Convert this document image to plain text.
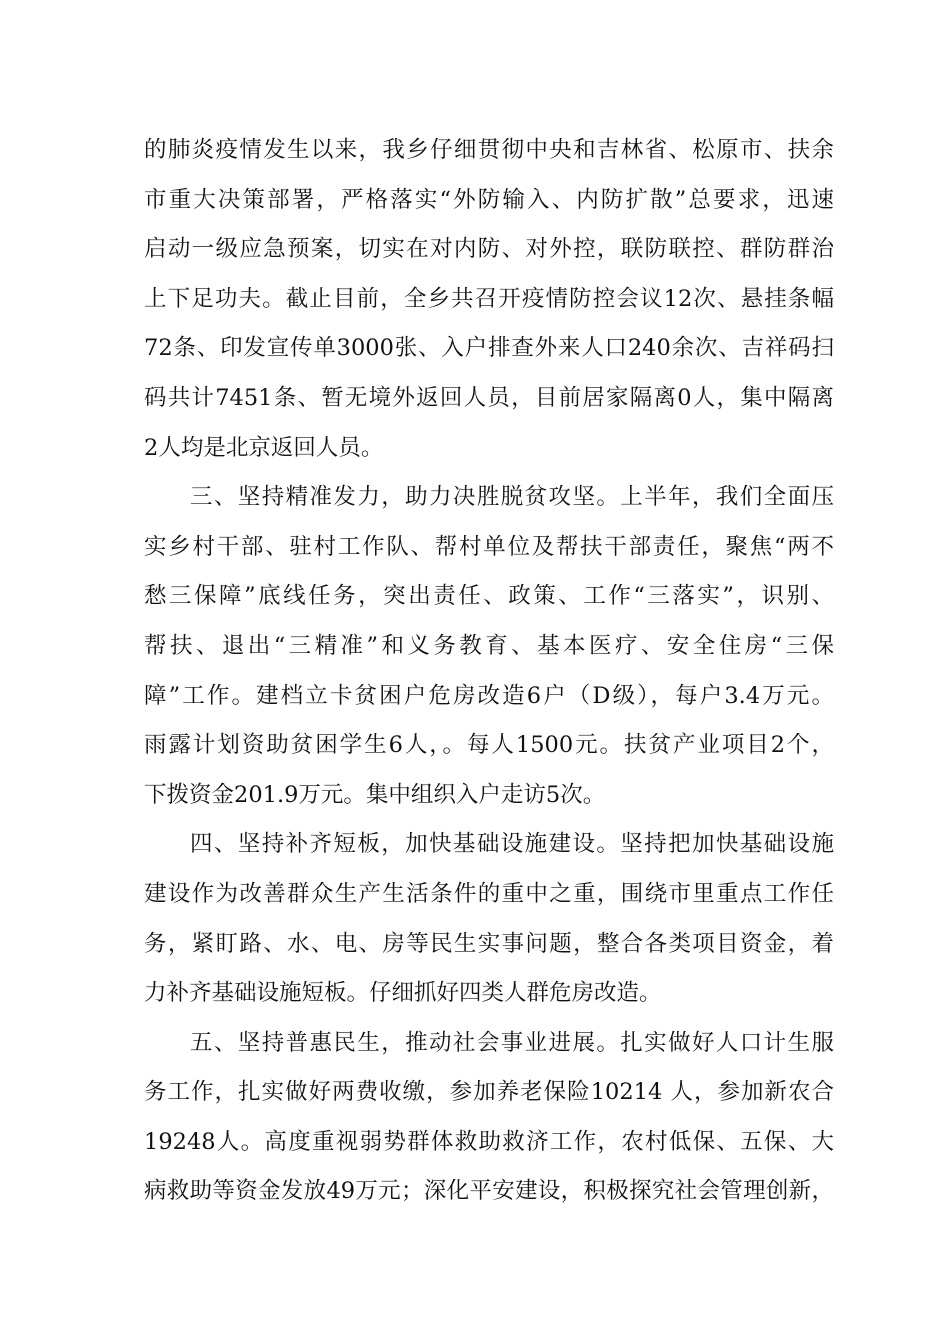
的肺炎疫情发生以来，我乡仔细贯彻中央和吉林省、松原市、扶余
市重大决策部署，严格落实“外防输入、内防扩散”总要求，迅速
启动一级应急预案，切实在对内防、对外控，联防联控、群防群治
上下足功夫。截止目前，全乡共召开疫情防控会议12次、悬挂条幅
72条、印发宣传单3000张、入户排查外来人口240余次、吉祥码扫
码共计7451条、暂无境外返回人员，目前居家隔离0人，集中隔离
2人均是北京返回人员。
三、坚持精准发力，助力决胜脱贫攻坚。上半年，我们全面压
实乡村干部、驻村工作队、帮村单位及帮扶干部责任，聚焦“两不
愁三保障”底线任务，突出责任、政策、工作“三落实”，识别、
帮扶、退出“三精准”和义务教育、基本医疗、安全住房“三保
障”工作。建档立卡贫困户危房改造6户（D级），每户3.4万元。
雨露计划资助贫困学生6人，。每人1500元。扶贫产业项目2个，
下拨资金201.9万元。集中组织入户走访5次。
四、坚持补齐短板，加快基础设施建设。坚持把加快基础设施
建设作为改善群众生产生活条件的重中之重，围绕市里重点工作任
务，紧盯路、水、电、房等民生实事问题，整合各类项目资金，着
力补齐基础设施短板。仔细抓好四类人群危房改造。
五、坚持普惠民生，推动社会事业进展。扎实做好人口计生服
务工作，扎实做好两费收缴，参加养老保险10214 人，参加新农合
19248人。高度重视弱势群体救助救济工作，农村低保、五保、大
病救助等资金发放49万元；深化平安建设，积极探究社会管理创新，
